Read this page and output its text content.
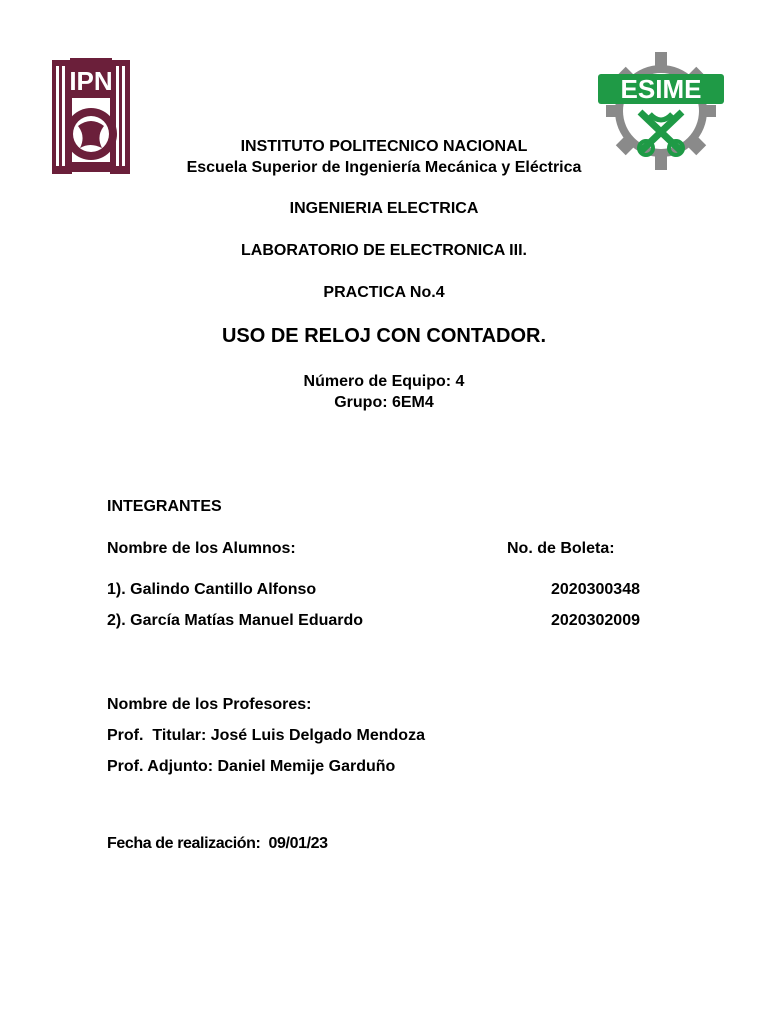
IPN	ESIME
INSTITUTO POLITECNICO NACIONAL
Escuela Superior de Ingeniería Mecánica y Eléctrica
INGENIERIA ELECTRICA
LABORATORIO DE ELECTRONICA III.
PRACTICA No.4
USO DE RELOJ CON CONTADOR.
Número de Equipo: 4
Grupo: 6EM4
INTEGRANTES
Nombre de los Alumnos:	No. de Boleta:
1). Galindo Cantillo Alfonso	2020300348
2). García Matías Manuel Eduardo	2020302009
Nombre de los Profesores:
Prof.  Titular: José Luis Delgado Mendoza
Prof. Adjunto: Daniel Memije Garduño
Fecha de realización:  09/01/23
